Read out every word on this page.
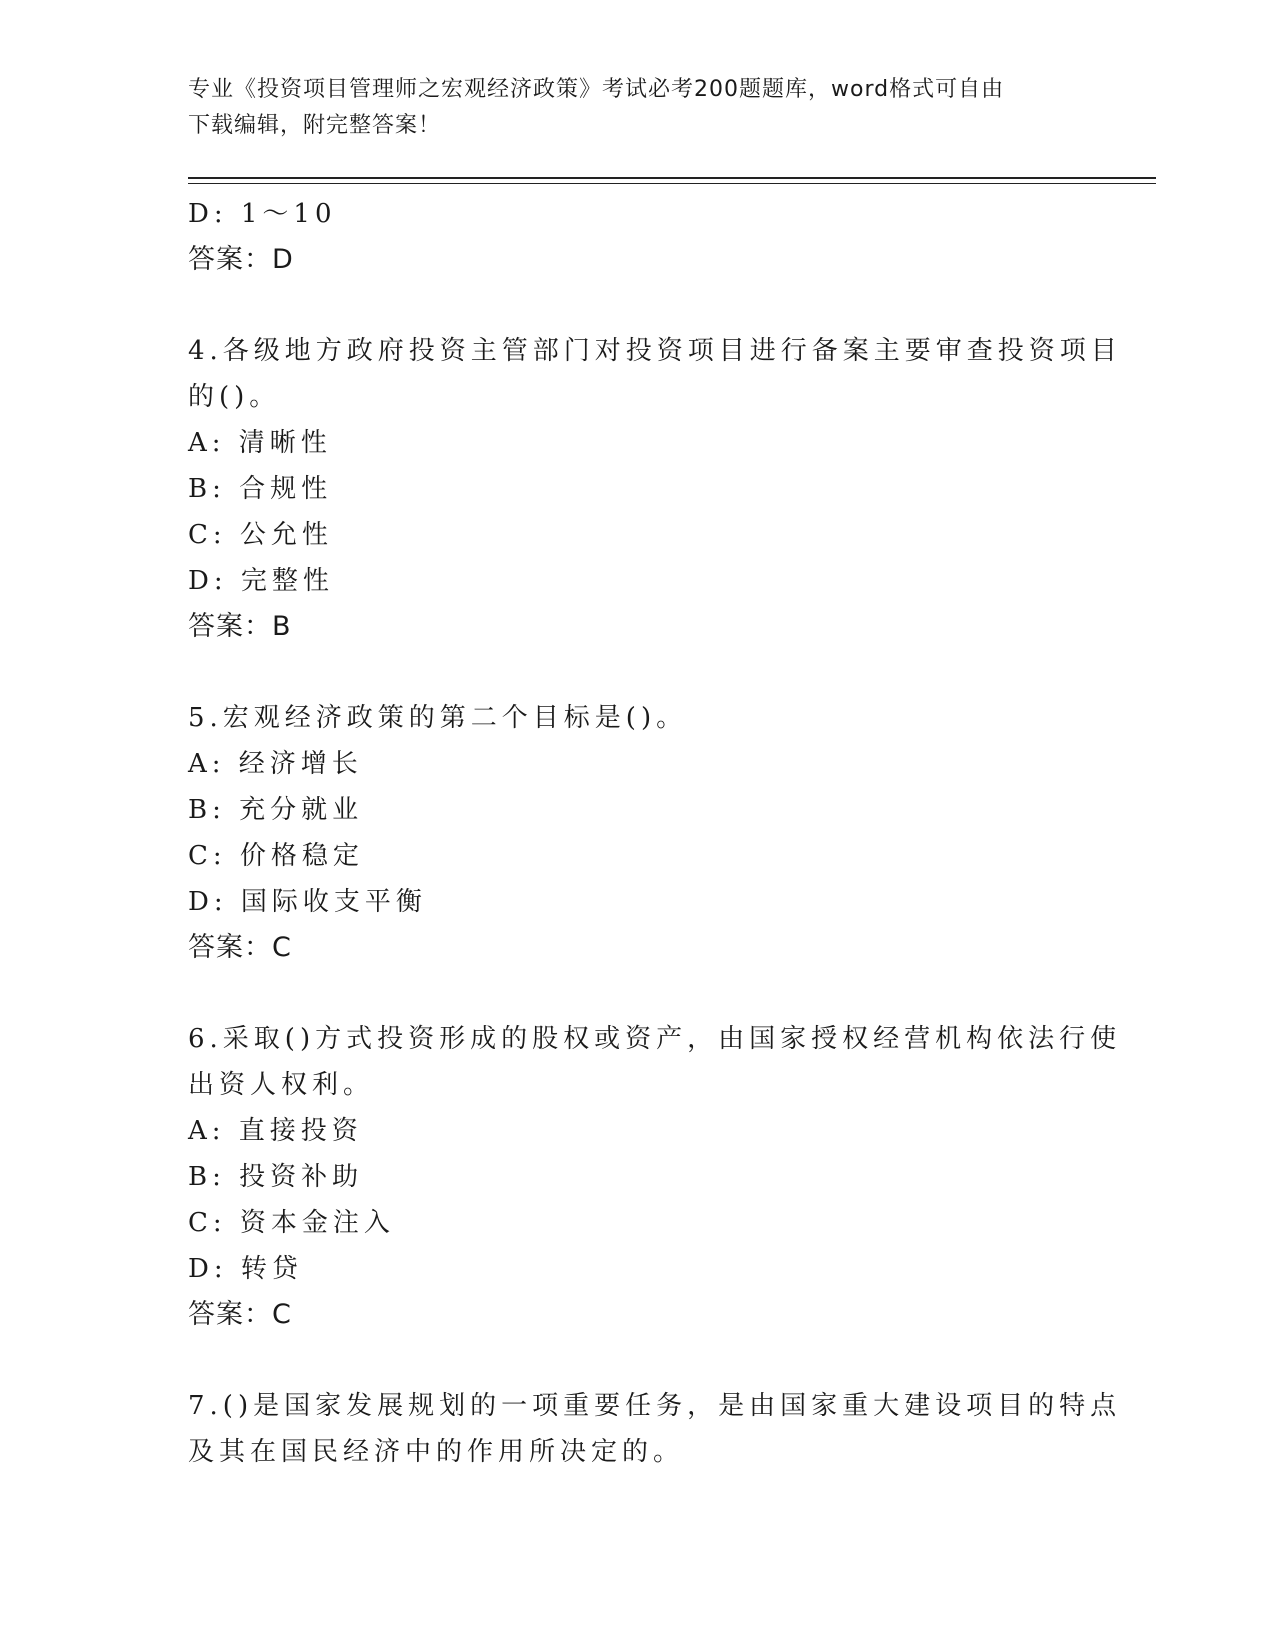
专业《投资项目管理师之宏观经济政策》考试必考200题题库，word格式可自由
下载编辑，附完整答案！
D: 1～10
答案：D
4.各级地方政府投资主管部门对投资项目进行备案主要审查投资项目
的()。
A: 清晰性
B: 合规性
C: 公允性
D: 完整性
答案：B
5.宏观经济政策的第二个目标是()。
A: 经济增长
B: 充分就业
C: 价格稳定
D: 国际收支平衡
答案：C
6.采取()方式投资形成的股权或资产，由国家授权经营机构依法行使
出资人权利。
A: 直接投资
B: 投资补助
C: 资本金注入
D: 转贷
答案：C
7.()是国家发展规划的一项重要任务，是由国家重大建设项目的特点
及其在国民经济中的作用所决定的。
